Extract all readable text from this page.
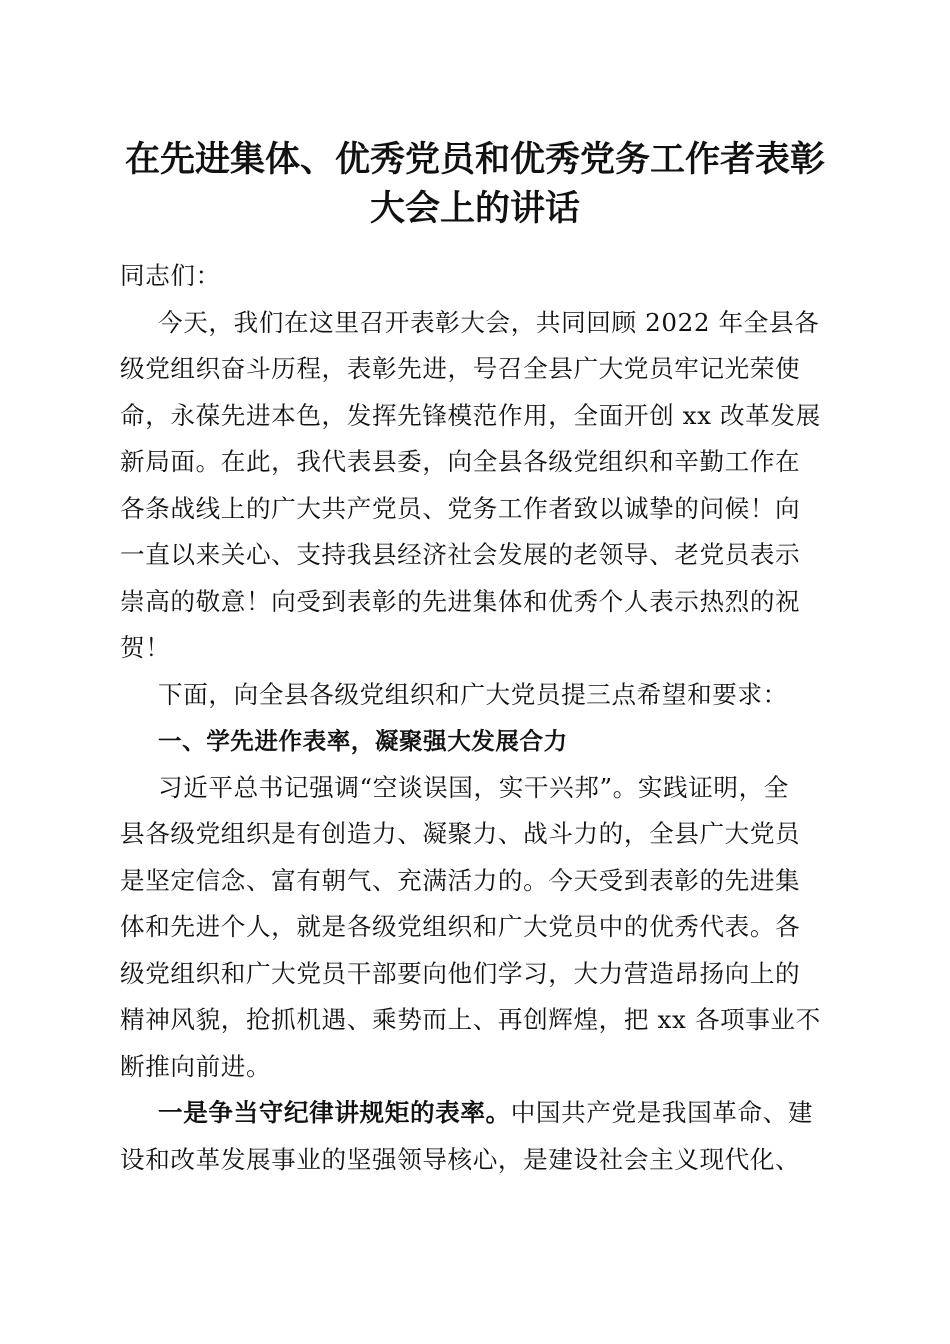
在先进集体、优秀党员和优秀党务工作者表彰
大会上的讲话
同志们：
今天，我们在这里召开表彰大会，共同回顾 2022 年全县各
级党组织奋斗历程，表彰先进，号召全县广大党员牢记光荣使
命，永葆先进本色，发挥先锋模范作用，全面开创 xx 改革发展
新局面。在此，我代表县委，向全县各级党组织和辛勤工作在
各条战线上的广大共产党员、党务工作者致以诚挚的问候！向
一直以来关心、支持我县经济社会发展的老领导、老党员表示
崇高的敬意！向受到表彰的先进集体和优秀个人表示热烈的祝
贺！
下面，向全县各级党组织和广大党员提三点希望和要求：
一、学先进作表率，凝聚强大发展合力
习近平总书记强调“空谈误国，实干兴邦”。实践证明，全
县各级党组织是有创造力、凝聚力、战斗力的，全县广大党员
是坚定信念、富有朝气、充满活力的。今天受到表彰的先进集
体和先进个人，就是各级党组织和广大党员中的优秀代表。各
级党组织和广大党员干部要向他们学习，大力营造昂扬向上的
精神风貌，抢抓机遇、乘势而上、再创辉煌，把 xx 各项事业不
断推向前进。
一是争当守纪律讲规矩的表率。中国共产党是我国革命、建
设和改革发展事业的坚强领导核心，是建设社会主义现代化、
